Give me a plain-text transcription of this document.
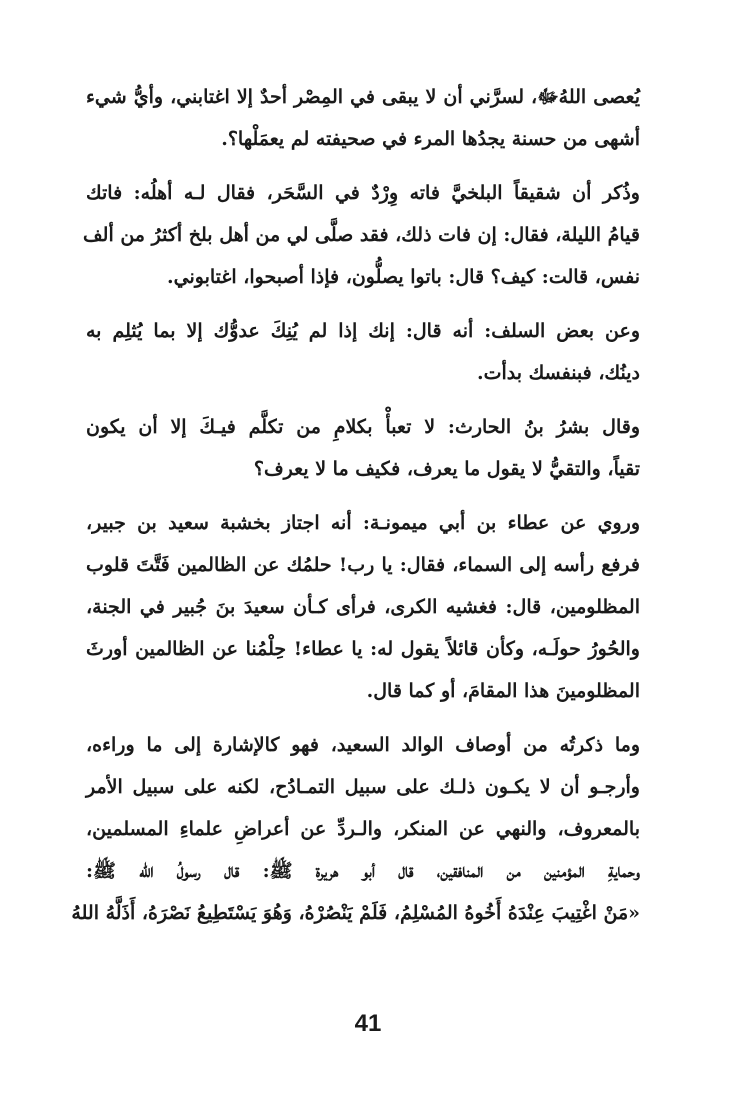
يُعصى اللهُﷻ، لسرَّني أن لا يبقى في المِصْر أحدٌ إلا اغتابني، وأيُّ شيء
أشهى من حسنة يجدُها المرء في صحيفته لم يعمَلْها؟.
وذُكر أن شقيقاً البلخيَّ فاته وِرْدٌ في السَّحَر، فقال لـه أهلُه: فاتك
قيامُ الليلة، فقال: إن فات ذلك، فقد صلَّى لي من أهل بلخ أكثرُ من ألف
نفس، قالت: كيف؟ قال: باتوا يصلُّون، فإذا أصبحوا، اغتابوني.
وعن بعض السلف: أنه قال: إنك إذا لم يُنِكَ عدوُّك إلا بما يُثلِم به
دينُك، فبنفسك بدأت.
وقال بشرُ بنُ الحارث: لا تعبأْ بكلامِ من تكلَّم فيـكَ إلا أن يكون
تقياً، والتقيُّ لا يقول ما يعرف، فكيف ما لا يعرف؟
وروي عن عطاء بن أبي ميمونـة: أنه اجتاز بخشبة سعيد بن جبير،
فرفع رأسه إلى السماء، فقال: يا رب! حلمُك عن الظالمين فَتَّتَ قلوب
المظلومين، قال: فغشيه الكرى، فرأى كـأن سعيدَ بنَ جُبير في الجنة،
والحُورُ حولَـه، وكأن قائلاً يقول له: يا عطاء! حِلْمُنا عن الظالمين أورثَ
المظلومينَ هذا المقامَ، أو كما قال.
وما ذكرتُه من أوصاف الوالد السعيد، فهو كالإشارة إلى ما وراءه،
وأرجـو أن لا يكـون ذلـك على سبيل التمـادُح، لكنه على سبيل الأمر
بالمعروف، والنهي عن المنكر، والـردِّ عن أعراضِ علماءِ المسلمين،
وحمايةِ المؤمنين من المنافقين، قال أبو هريرة ﷺ: قال رسولُ الله ﷺ:
«مَنْ اغْتِيبَ عِنْدَهُ أَخُوهُ المُسْلِمُ، فَلَمْ يَنْصُرْهُ، وَهُوَ يَسْتَطِيعُ نَصْرَهُ، أَذَلَّهُ اللهُ
41
